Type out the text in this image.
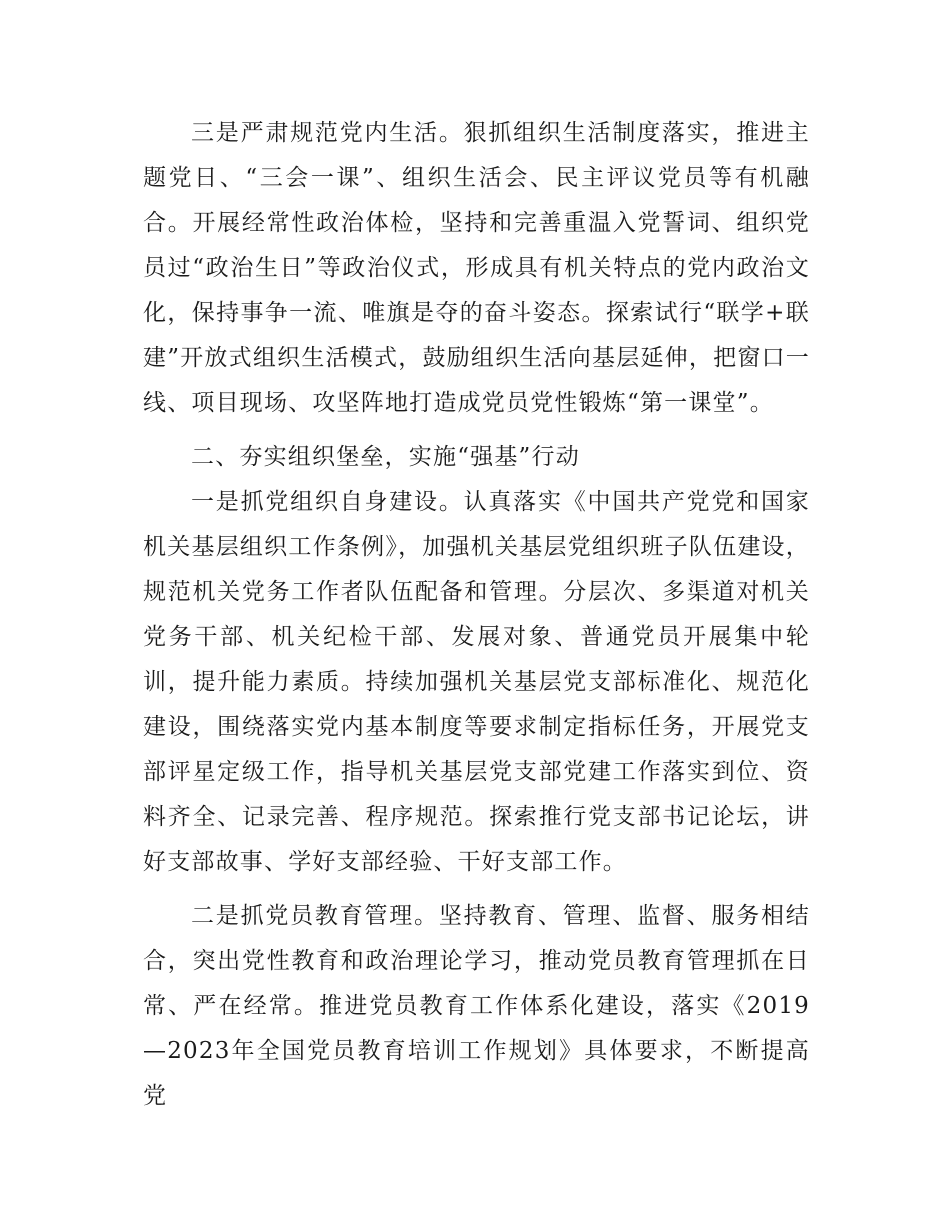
三是严肃规范党内生活。狠抓组织生活制度落实，推进主题党日、“三会一课”、组织生活会、民主评议党员等有机融合。开展经常性政治体检，坚持和完善重温入党誓词、组织党员过“政治生日”等政治仪式，形成具有机关特点的党内政治文化，保持事争一流、唯旗是夺的奋斗姿态。探索试行“联学+联建”开放式组织生活模式，鼓励组织生活向基层延伸，把窗口一线、项目现场、攻坚阵地打造成党员党性锻炼“第一课堂”。

二、夯实组织堡垒，实施“强基”行动

一是抓党组织自身建设。认真落实《中国共产党党和国家机关基层组织工作条例》，加强机关基层党组织班子队伍建设，规范机关党务工作者队伍配备和管理。分层次、多渠道对机关党务干部、机关纪检干部、发展对象、普通党员开展集中轮训，提升能力素质。持续加强机关基层党支部标准化、规范化建设，围绕落实党内基本制度等要求制定指标任务，开展党支部评星定级工作，指导机关基层党支部党建工作落实到位、资料齐全、记录完善、程序规范。探索推行党支部书记论坛，讲好支部故事、学好支部经验、干好支部工作。

二是抓党员教育管理。坚持教育、管理、监督、服务相结合，突出党性教育和政治理论学习，推动党员教育管理抓在日常、严在经常。推进党员教育工作体系化建设，落实《2019—2023年全国党员教育培训工作规划》具体要求，不断提高党
